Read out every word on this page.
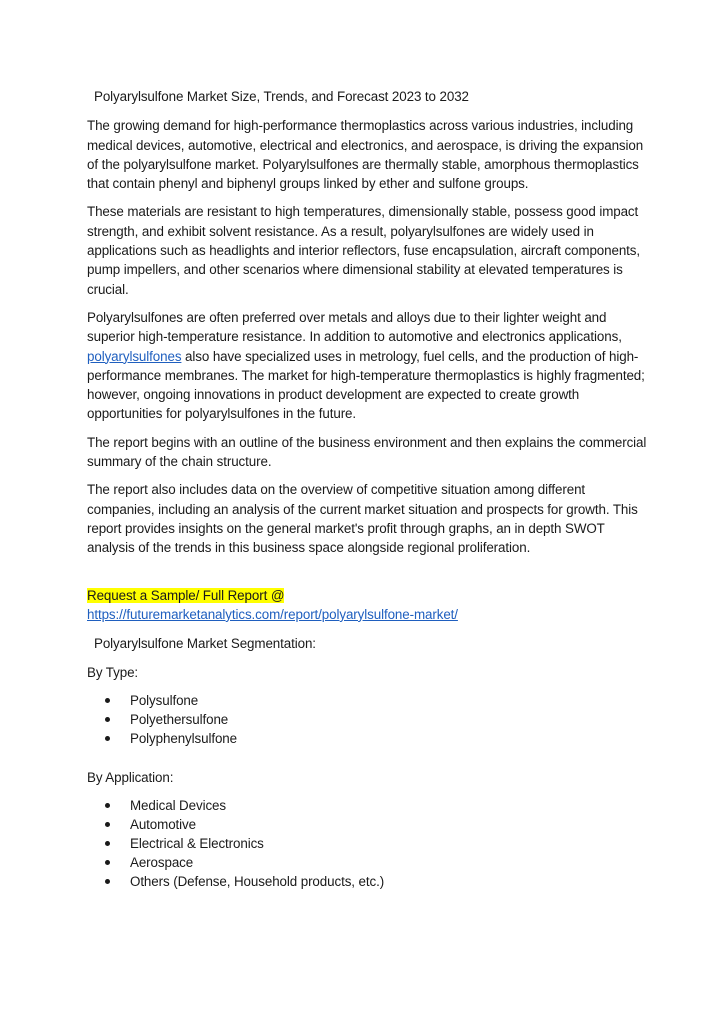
Polyarylsulfone Market Size, Trends, and Forecast 2023 to 2032

The growing demand for high-performance thermoplastics across various industries, including medical devices, automotive, electrical and electronics, and aerospace, is driving the expansion of the polyarylsulfone market. Polyarylsulfones are thermally stable, amorphous thermoplastics that contain phenyl and biphenyl groups linked by ether and sulfone groups.

These materials are resistant to high temperatures, dimensionally stable, possess good impact strength, and exhibit solvent resistance. As a result, polyarylsulfones are widely used in applications such as headlights and interior reflectors, fuse encapsulation, aircraft components, pump impellers, and other scenarios where dimensional stability at elevated temperatures is crucial.

Polyarylsulfones are often preferred over metals and alloys due to their lighter weight and superior high-temperature resistance. In addition to automotive and electronics applications, polyarylsulfones also have specialized uses in metrology, fuel cells, and the production of high-performance membranes. The market for high-temperature thermoplastics is highly fragmented; however, ongoing innovations in product development are expected to create growth opportunities for polyarylsulfones in the future.

The report begins with an outline of the business environment and then explains the commercial summary of the chain structure.

The report also includes data on the overview of competitive situation among different companies, including an analysis of the current market situation and prospects for growth. This report provides insights on the general market's profit through graphs, an in depth SWOT analysis of the trends in this business space alongside regional proliferation.

Request a Sample/ Full Report @ https://futuremarketanalytics.com/report/polyarylsulfone-market/
Polyarylsulfone Market Segmentation:
By Type:
Polysulfone
Polyethersulfone
Polyphenylsulfone
By Application:
Medical Devices
Automotive
Electrical & Electronics
Aerospace
Others (Defense, Household products, etc.)
